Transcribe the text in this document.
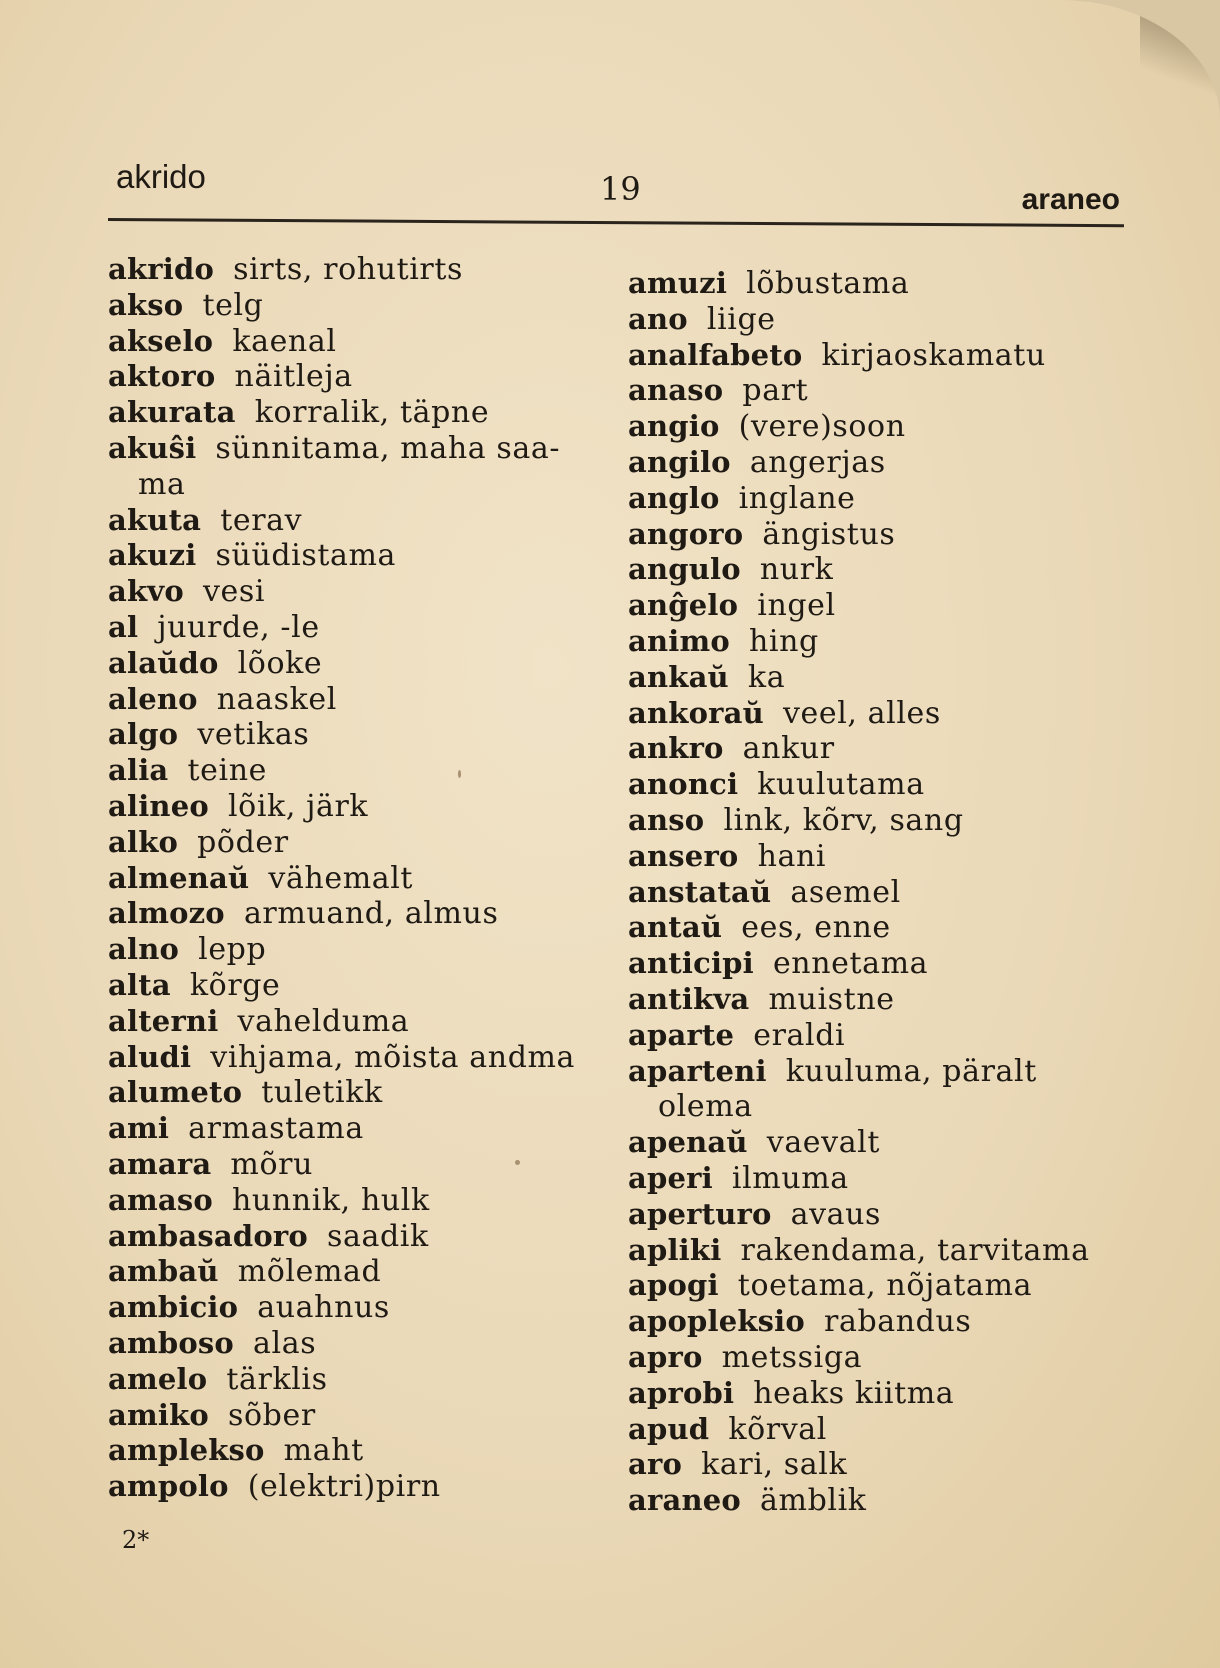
akrido	19	araneo
akrido sirts, rohutirts
akso telg
akselo kaenal
aktoro näitleja
akurata korralik, täpne
akuŝi sünnitama, maha saa- ma
akuta terav
akuzi süüdistama
akvo vesi
al juurde, -le
alaŭdo lõoke
aleno naaskel
algo vetikas
alia teine
alineo lõik, järk
alko põder
almenaŭ vähemalt
almozo armuand, almus
alno lepp
alta kõrge
alterni vahelduma
aludi vihjama, mõista andma
alumeto tuletikk
ami armastama
amara mõru
amaso hunnik, hulk
ambasadoro saadik
ambaŭ mõlemad
ambicio auahnus
amboso alas
amelo tärklis
amiko sõber
amplekso maht
ampolo (elektri)pirn
amuzi lõbustama
ano liige
analfabeto kirjaoskamatu
anaso part
angio (vere)soon
angilo angerjas
anglo inglane
angoro ängistus
angulo nurk
anĝelo ingel
animo hing
ankaŭ ka
ankoraŭ veel, alles
ankro ankur
anonci kuulutama
anso link, kõrv, sang
ansero hani
anstataŭ asemel
antaŭ ees, enne
anticipi ennetama
antikva muistne
aparte eraldi
aparteni kuuluma, päralt olema
apenaŭ vaevalt
aperi ilmuma
aperturo avaus
apliki rakendama, tarvitama
apogi toetama, nõjatama
apopleksio rabandus
apro metssiga
aprobi heaks kiitma
apud kõrval
aro kari, salk
araneo ämblik
2*
